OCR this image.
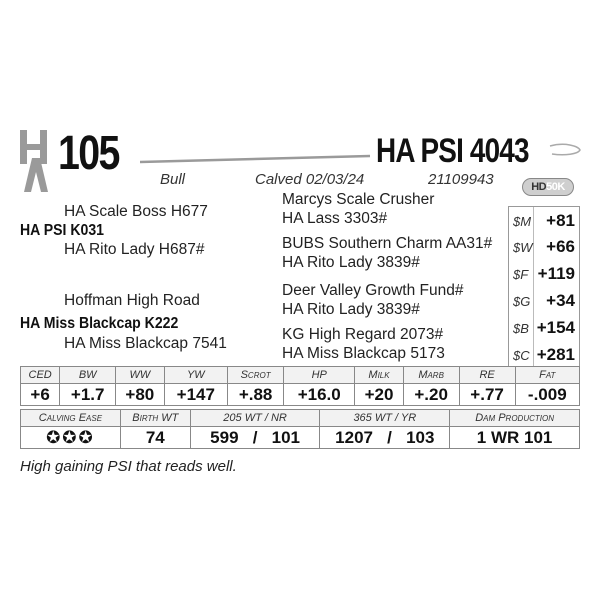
105	HA PSI 4043
Bull	Calved 02/03/24	21109943	HD50K
HA Scale Boss H677
HA PSI K031
HA Rito Lady H687#
Hoffman High Road
HA Miss Blackcap K222
HA Miss Blackcap 7541
Marcys Scale Crusher
HA Lass 3303#
BUBS Southern Charm AA31#
HA Rito Lady 3839#
Deer Valley Growth Fund#
HA Rito Lady 3839#
KG High Regard 2073#
HA Miss Blackcap 5173
$M +81
$W +66
$F +119
$G +34
$B +154
$C +281
CED	BW	WW	YW	Scrot	HP	Milk	Marb	RE	Fat
+6	+1.7	+80	+147	+.88	+16.0	+20	+.20	+.77	-.009
Calving Ease	Birth WT	205 WT / NR	365 WT / YR	Dam Production
✪✪✪	74	599 / 101	1207 / 103	1 WR 101
High gaining PSI that reads well.
